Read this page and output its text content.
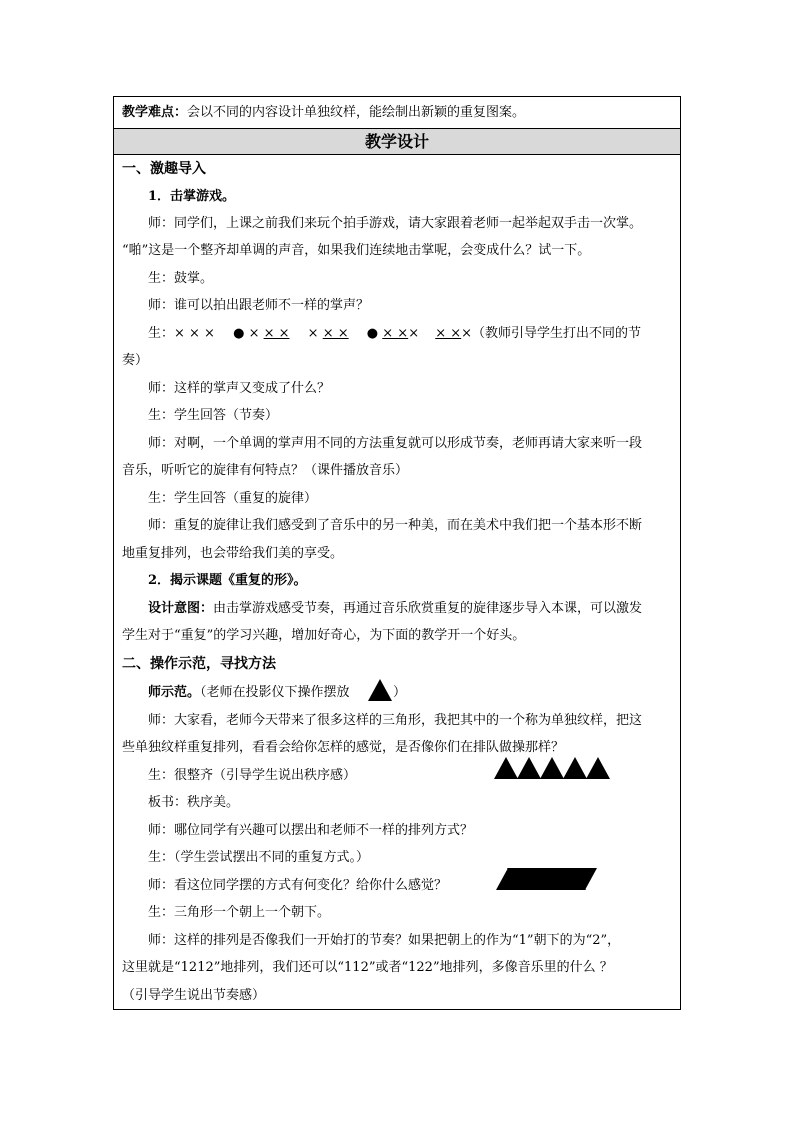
教学难点：会以不同的内容设计单独纹样，能绘制出新颖的重复图案。
教学设计
一、激趣导入
1．击掌游戏。
师：同学们，上课之前我们来玩个拍手游戏，请大家跟着老师一起举起双手击一次掌。
“啪”这是一个整齐却单调的声音，如果我们连续地击掌呢，会变成什么？试一下。
生：鼓掌。
师：谁可以拍出跟老师不一样的掌声？
生：× × × ● × × × × × × ● × ×× × ××（教师引导学生打出不同的节
奏）
师：这样的掌声又变成了什么？
生：学生回答（节奏）
师：对啊，一个单调的掌声用不同的方法重复就可以形成节奏，老师再请大家来听一段
音乐，听听它的旋律有何特点？（课件播放音乐）
生：学生回答（重复的旋律）
师：重复的旋律让我们感受到了音乐中的另一种美，而在美术中我们把一个基本形不断
地重复排列，也会带给我们美的享受。
2．揭示课题《重复的形》。
设计意图：由击掌游戏感受节奏，再通过音乐欣赏重复的旋律逐步导入本课，可以激发
学生对于“重复”的学习兴趣，增加好奇心，为下面的教学开一个好头。
二、操作示范，寻找方法
师示范。（老师在投影仪下操作摆放	）
师：大家看，老师今天带来了很多这样的三角形，我把其中的一个称为单独纹样，把这
些单独纹样重复排列，看看会给你怎样的感觉，是否像你们在排队做操那样？
生：很整齐（引导学生说出秩序感）
板书：秩序美。
师：哪位同学有兴趣可以摆出和老师不一样的排列方式？
生：（学生尝试摆出不同的重复方式。）
师：看这位同学摆的方式有何变化？给你什么感觉？
生：三角形一个朝上一个朝下。
师：这样的排列是否像我们一开始打的节奏？如果把朝上的作为“1”朝下的为“2”，
这里就是“1212”地排列，我们还可以“112”或者“122”地排列，多像音乐里的什么 ？
（引导学生说出节奏感）
